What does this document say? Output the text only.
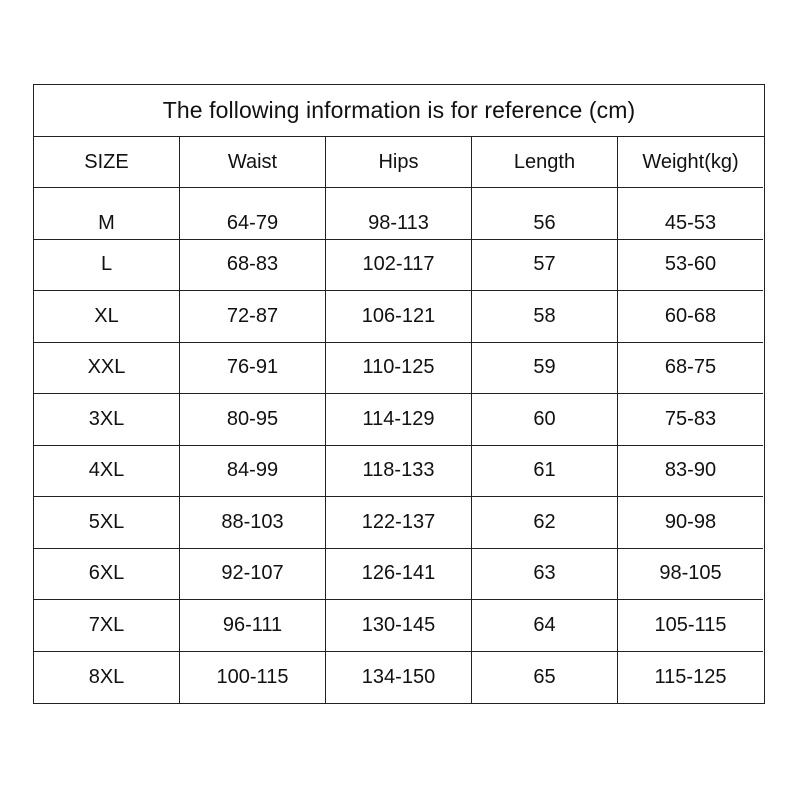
The following information is for reference (cm)
SIZE	Waist	Hips	Length	Weight(kg)
M	64-79	98-113	56	45-53
L	68-83	102-117	57	53-60
XL	72-87	106-121	58	60-68
XXL	76-91	110-125	59	68-75
3XL	80-95	114-129	60	75-83
4XL	84-99	118-133	61	83-90
5XL	88-103	122-137	62	90-98
6XL	92-107	126-141	63	98-105
7XL	96-111	130-145	64	105-115
8XL	100-115	134-150	65	115-125
